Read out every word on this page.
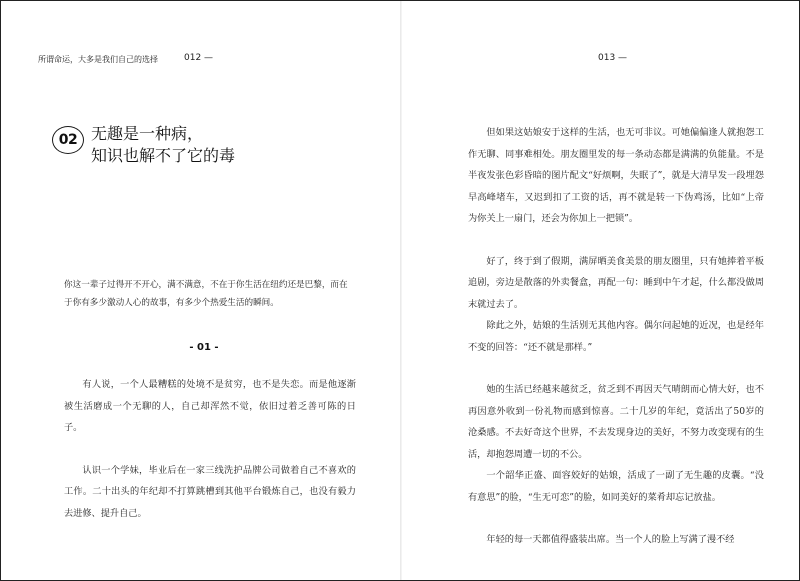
所谓命运，大多是我们自己的选择	012 —	013 —
02 无趣是一种病，
知识也解不了它的毒

你这一辈子过得开不开心，满不满意，不在于你生活在纽约还是巴黎，而在于你有多少激动人心的故事，有多少个热爱生活的瞬间。

- 01 -

有人说，一个人最糟糕的处境不是贫穷，也不是失恋。而是他逐渐被生活磨成一个无聊的人，自己却浑然不觉，依旧过着乏善可陈的日子。

认识一个学妹，毕业后在一家三线洗护品牌公司做着自己不喜欢的工作。二十出头的年纪却不打算跳槽到其他平台锻炼自己，也没有毅力去进修、提升自己。

但如果这姑娘安于这样的生活，也无可非议。可她偏偏逢人就抱怨工作无聊、同事难相处。朋友圈里发的每一条动态都是满满的负能量。不是半夜发张色彩昏暗的图片配文“好烦啊，失眠了”，就是大清早发一段埋怨早高峰堵车，又迟到扣了工资的话，再不就是转一下伪鸡汤，比如“上帝为你关上一扇门，还会为你加上一把锁”。

好了，终于到了假期，满屏晒美食美景的朋友圈里，只有她捧着平板追剧，旁边是散落的外卖餐盒，再配一句：睡到中午才起，什么都没做周末就过去了。

除此之外，姑娘的生活别无其他内容。偶尔问起她的近况，也是经年不变的回答：“还不就是那样。”

她的生活已经越来越贫乏，贫乏到不再因天气晴朗而心情大好，也不再因意外收到一份礼物而感到惊喜。二十几岁的年纪，竟活出了50岁的沧桑感。不去好奇这个世界，不去发现身边的美好，不努力改变现有的生活，却抱怨周遭一切的不公。

一个韶华正盛、面容姣好的姑娘，活成了一副了无生趣的皮囊。“没有意思”的脸，“生无可恋”的脸，如同美好的菜肴却忘记放盐。

年轻的每一天都值得盛装出席。当一个人的脸上写满了漫不经
